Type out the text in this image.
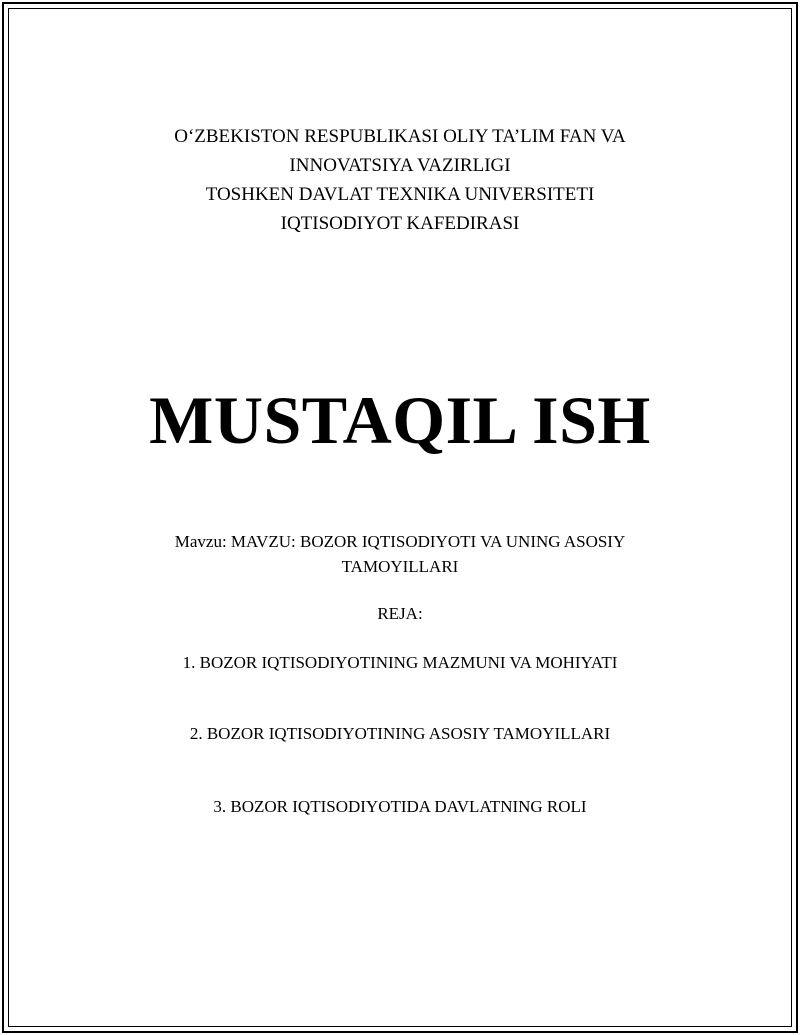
O‘ZBEKISTON RESPUBLIKASI OLIY TA’LIM FAN VA
INNOVATSIYA VAZIRLIGI
TOSHKEN DAVLAT TEXNIKA UNIVERSITETI
IQTISODIYOT KAFEDIRASI
MUSTAQIL ISH
Mavzu: MAVZU: BOZOR IQTISODIYOTI VA UNING ASOSIY
TAMOYILLARI
REJA:
1. BOZOR IQTISODIYOTINING MAZMUNI VA MOHIYATI
2. BOZOR IQTISODIYOTINING ASOSIY TAMOYILLARI
3. BOZOR IQTISODIYOTIDA DAVLATNING ROLI
